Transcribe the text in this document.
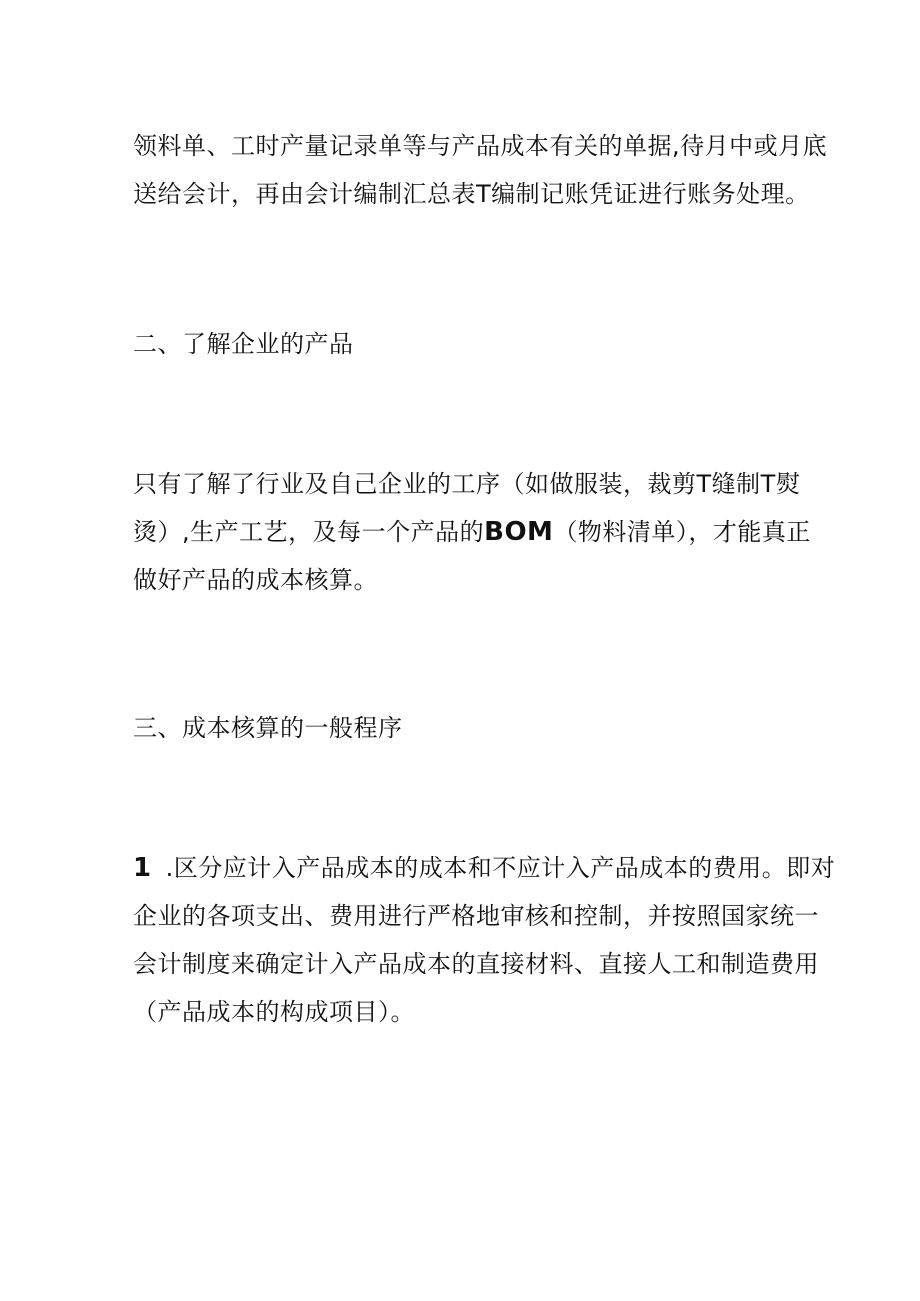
领料单、工时产量记录单等与产品成本有关的单据,待月中或月底
送给会计，再由会计编制汇总表T编制记账凭证进行账务处理。
二、了解企业的产品
只有了解了行业及自己企业的工序（如做服装，裁剪T缝制T熨
烫）,生产工艺，及每一个产品的BOM（物料清单），才能真正
做好产品的成本核算。
三、成本核算的一般程序
1 .区分应计入产品成本的成本和不应计入产品成本的费用。即对
企业的各项支出、费用进行严格地审核和控制，并按照国家统一
会计制度来确定计入产品成本的直接材料、直接人工和制造费用
（产品成本的构成项目）。
